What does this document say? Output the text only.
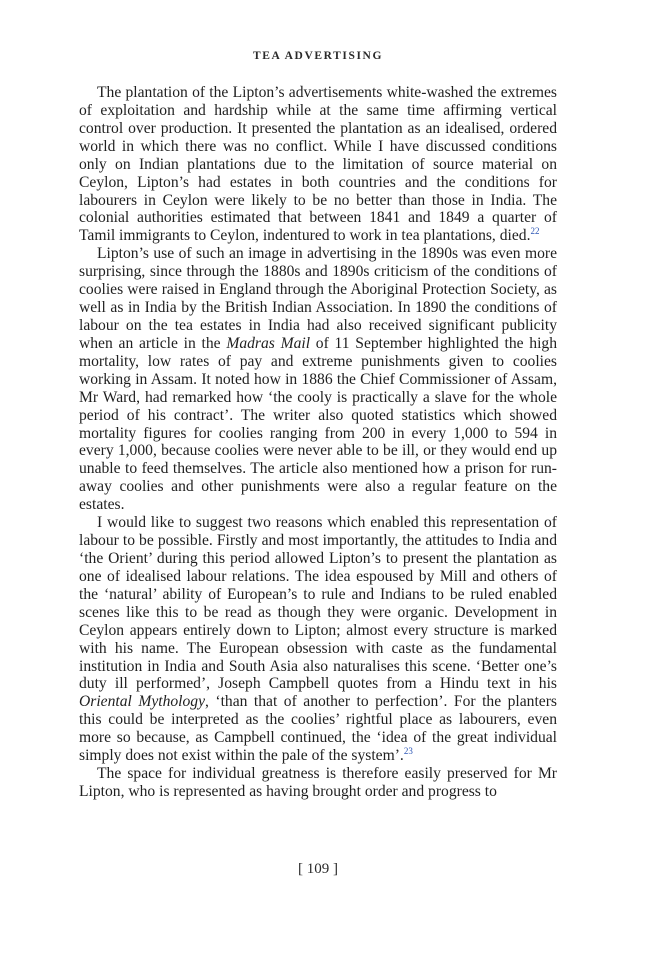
TEA ADVERTISING

The plantation of the Lipton’s advertisements white-washed the extremes of exploitation and hardship while at the same time affirming vertical control over production. It presented the plantation as an idealised, ordered world in which there was no conflict. While I have discussed conditions only on Indian plantations due to the limitation of source material on Ceylon, Lipton’s had estates in both countries and the conditions for labourers in Ceylon were likely to be no better than those in India. The colonial authorities estimated that between 1841 and 1849 a quarter of Tamil immigrants to Ceylon, indentured to work in tea plantations, died.$^{22}$

Lipton’s use of such an image in advertising in the 1890s was even more surprising, since through the 1880s and 1890s criticism of the conditions of coolies were raised in England through the Aboriginal Protection Society, as well as in India by the British Indian Association. In 1890 the conditions of labour on the tea estates in India had also received significant publicity when an article in the Madras Mail of 11 September highlighted the high mortality, low rates of pay and extreme punishments given to coolies working in Assam. It noted how in 1886 the Chief Commissioner of Assam, Mr Ward, had remarked how ‘the cooly is practically a slave for the whole period of his contract’. The writer also quoted statistics which showed mortality figures for coolies ranging from 200 in every 1,000 to 594 in every 1,000, because coolies were never able to be ill, or they would end up unable to feed themselves. The article also mentioned how a prison for run-away coolies and other punishments were also a regular feature on the estates.

I would like to suggest two reasons which enabled this representation of labour to be possible. Firstly and most importantly, the attitudes to India and ‘the Orient’ during this period allowed Lipton’s to present the plantation as one of idealised labour relations. The idea espoused by Mill and others of the ‘natural’ ability of European’s to rule and Indians to be ruled enabled scenes like this to be read as though they were organic. Development in Ceylon appears entirely down to Lipton; almost every structure is marked with his name. The European obsession with caste as the fundamental institution in India and South Asia also naturalises this scene. ‘Better one’s duty ill performed’, Joseph Campbell quotes from a Hindu text in his Oriental Mythology, ‘than that of another to perfection’. For the planters this could be interpreted as the coolies’ rightful place as labourers, even more so because, as Campbell continued, the ‘idea of the great individual simply does not exist within the pale of the system’.$^{23}$

The space for individual greatness is therefore easily preserved for Mr Lipton, who is represented as having brought order and progress to

[ 109 ]
